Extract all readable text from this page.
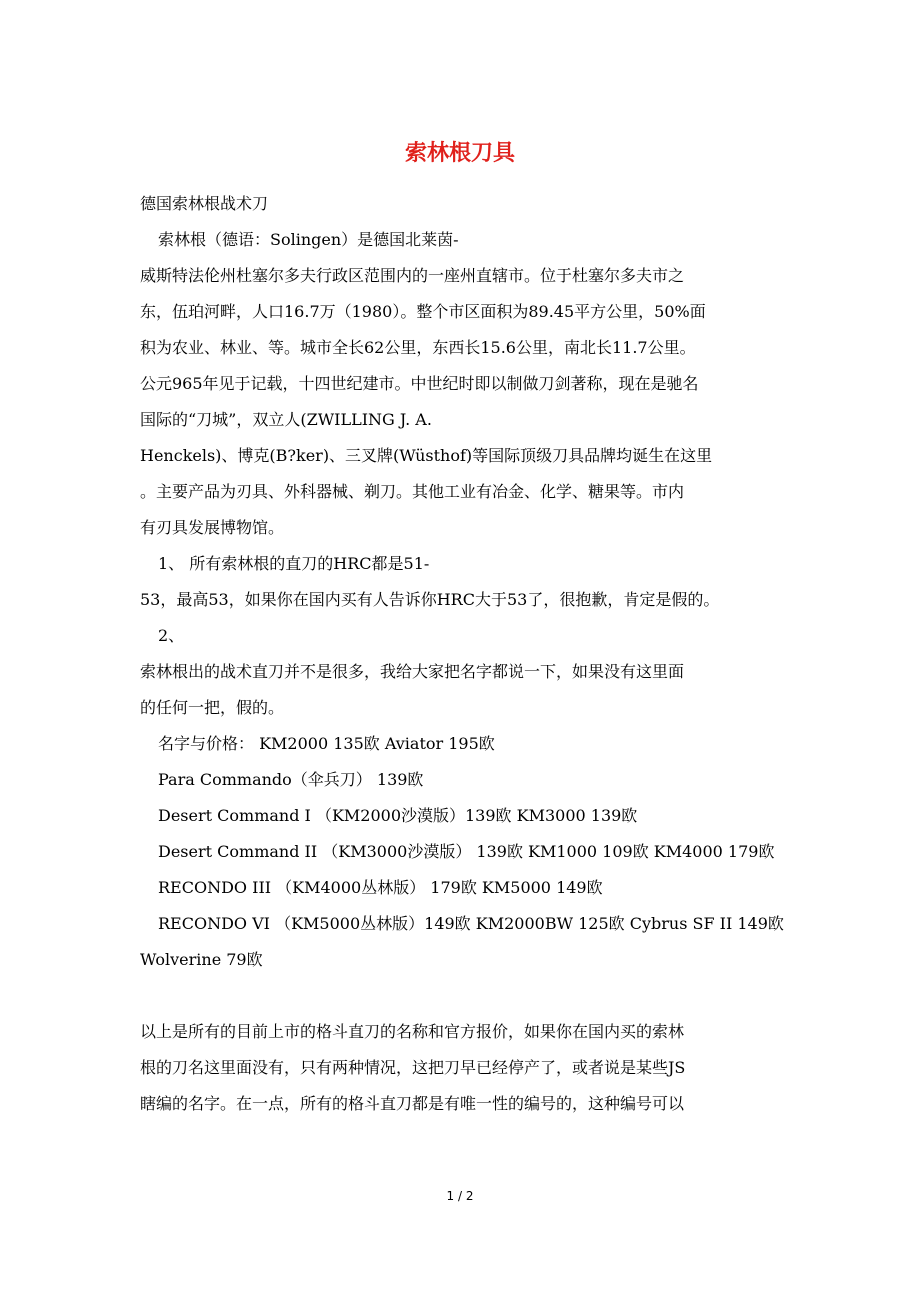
索林根刀具
德国索林根战术刀
索林根（德语：Solingen）是德国北莱茵-
威斯特法伦州杜塞尔多夫行政区范围内的一座州直辖市。位于杜塞尔多夫市之
东，伍珀河畔，人口16.7万（1980）。整个市区面积为89.45平方公里，50%面
积为农业、林业、等。城市全长62公里，东西长15.6公里，南北长11.7公里。
公元965年见于记载，十四世纪建市。中世纪时即以制做刀剑著称，现在是驰名
国际的“刀城”，双立人(ZWILLING J. A.
Henckels)、博克(B?ker)、三叉牌(Wüsthof)等国际顶级刀具品牌均诞生在这里
。主要产品为刃具、外科器械、剃刀。其他工业有冶金、化学、糖果等。市内
有刃具发展博物馆。
1、 所有索林根的直刀的HRC都是51-
53，最高53，如果你在国内买有人告诉你HRC大于53了，很抱歉，肯定是假的。
2、
索林根出的战术直刀并不是很多，我给大家把名字都说一下，如果没有这里面
的任何一把，假的。
名字与价格： KM2000 135欧 Aviator 195欧
Para Commando（伞兵刀） 139欧
Desert Command I （KM2000沙漠版）139欧 KM3000 139欧
Desert Command II （KM3000沙漠版） 139欧 KM1000 109欧 KM4000 179欧
RECONDO III （KM4000丛林版） 179欧 KM5000 149欧
RECONDO VI （KM5000丛林版）149欧 KM2000BW 125欧 Cybrus SF II 149欧
Wolverine 79欧
以上是所有的目前上市的格斗直刀的名称和官方报价，如果你在国内买的索林
根的刀名这里面没有，只有两种情况，这把刀早已经停产了，或者说是某些JS
瞎编的名字。在一点，所有的格斗直刀都是有唯一性的编号的，这种编号可以
1 / 2
